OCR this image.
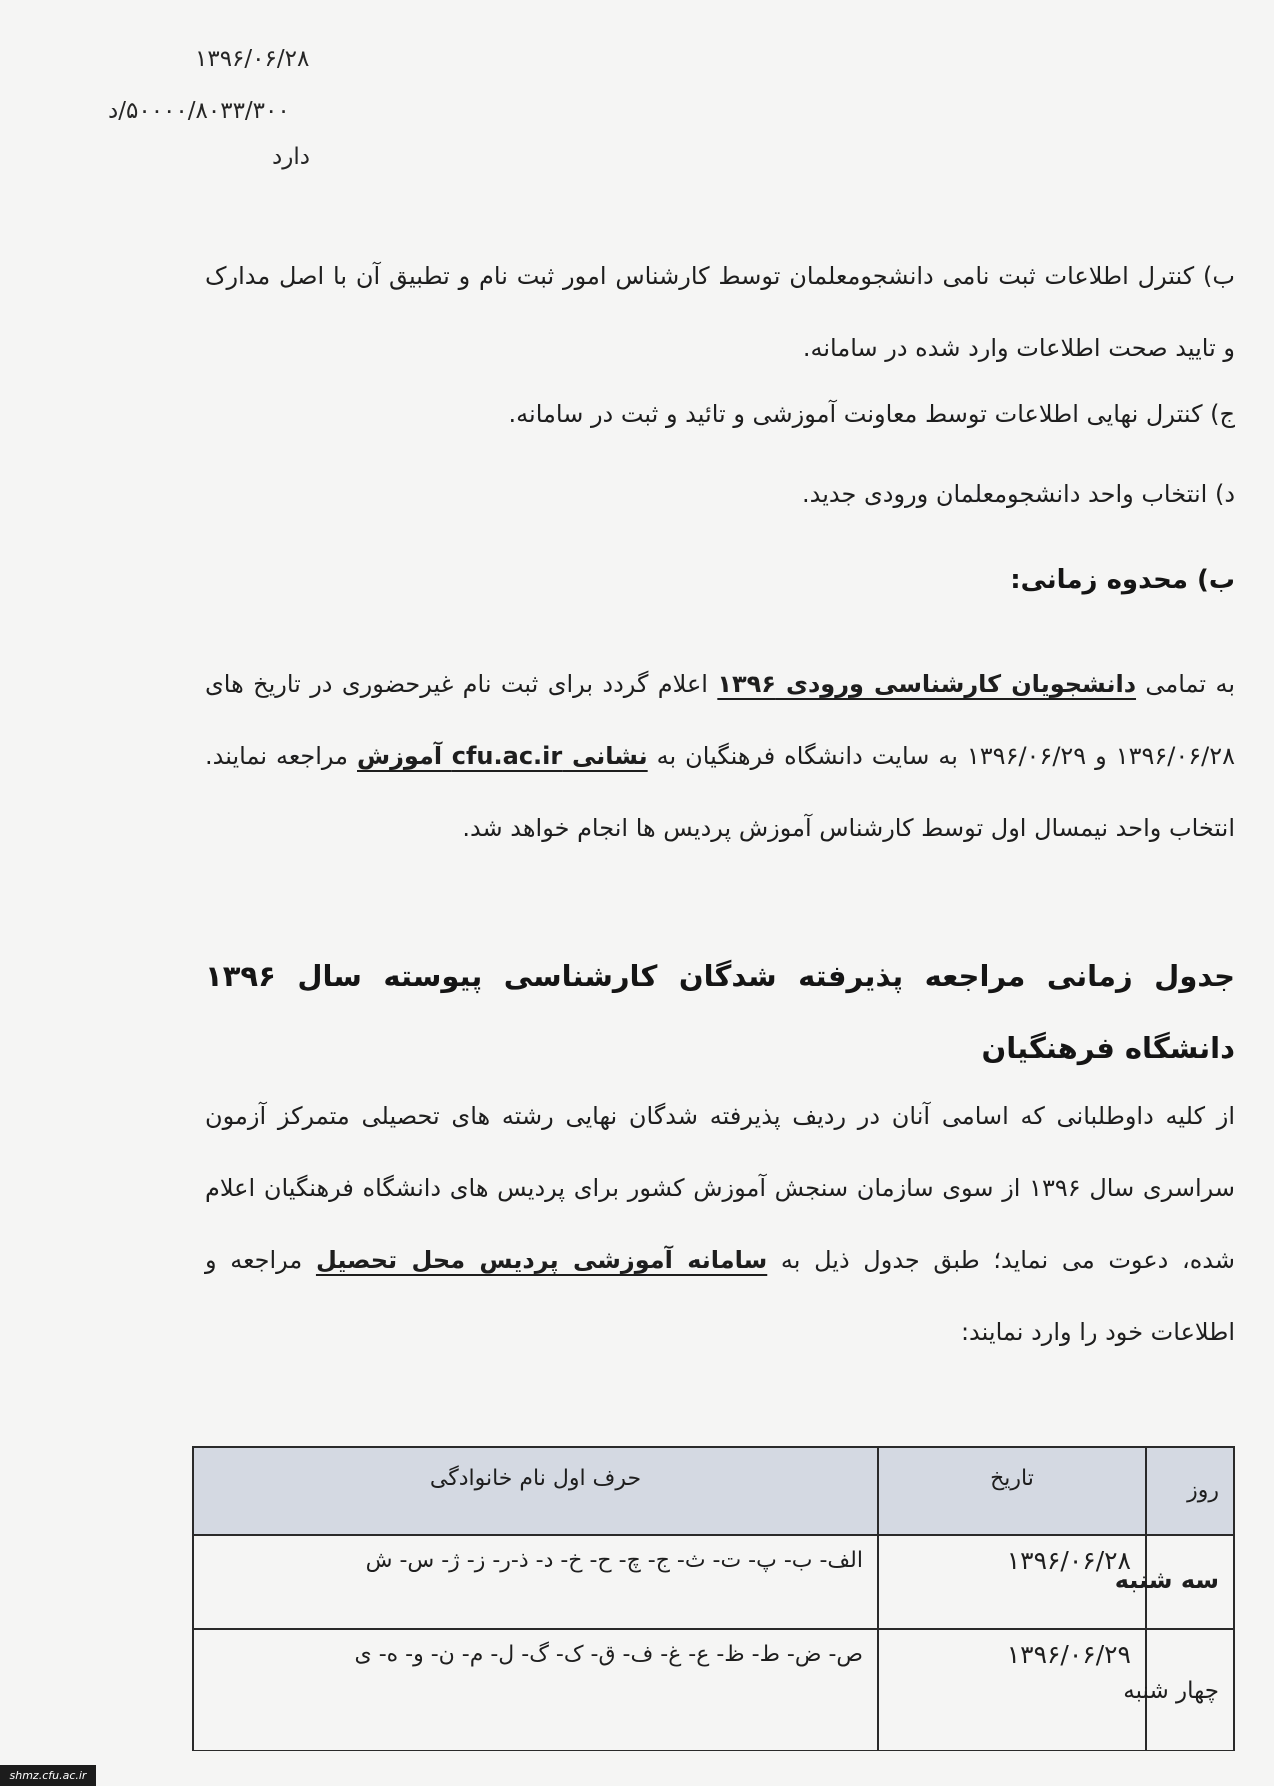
۱۳۹۶/۰۶/۲۸
۵۰۰۰۰/۸۰۳۳/۳۰۰/د
دارد
ب) کنترل اطلاعات ثبت نامی دانشجومعلمان توسط کارشناس امور ثبت نام و تطبیق آن با اصل مدارک و تایید صحت اطلاعات وارد شده در سامانه.
ج) کنترل نهایی اطلاعات توسط معاونت آموزشی و تائید و ثبت در سامانه.
د) انتخاب واحد دانشجومعلمان ورودی جدید.
ب) محدوه زمانی:
به تمامی دانشجویان کارشناسی ورودی ۱۳۹۶ اعلام گردد برای ثبت نام غیرحضوری در تاریخ های ۱۳۹۶/۰۶/۲۸ و ۱۳۹۶/۰۶/۲۹ به سایت دانشگاه فرهنگیان به نشانی cfu.ac.ir آموزش مراجعه نمایند. انتخاب واحد نیمسال اول توسط کارشناس آموزش پردیس ها انجام خواهد شد.
جدول زمانی مراجعه پذیرفته شدگان کارشناسی پیوسته سال ۱۳۹۶ دانشگاه فرهنگیان
از کلیه داوطلبانی که اسامی آنان در ردیف پذیرفته شدگان نهایی رشته های تحصیلی متمرکز آزمون سراسری سال ۱۳۹۶ از سوی سازمان سنجش آموزش کشور برای پردیس های دانشگاه فرهنگیان اعلام شده، دعوت می نماید؛ طبق جدول ذیل به سامانه آموزشی پردیس محل تحصیل مراجعه و اطلاعات خود را وارد نمایند:
روز
تاریخ
حرف اول نام خانوادگی
سه شنبه
۱۳۹۶/۰۶/۲۸
الف- ب- پ- ت- ث- ج- چ- ح- خ- د- ذ-ر- ز- ژ- س- ش
چهار شنبه
۱۳۹۶/۰۶/۲۹
ص- ض- ط- ظ- ع- غ- ف- ق- ک- گ- ل- م- ن- و- ه- ی
shmz.cfu.ac.ir
